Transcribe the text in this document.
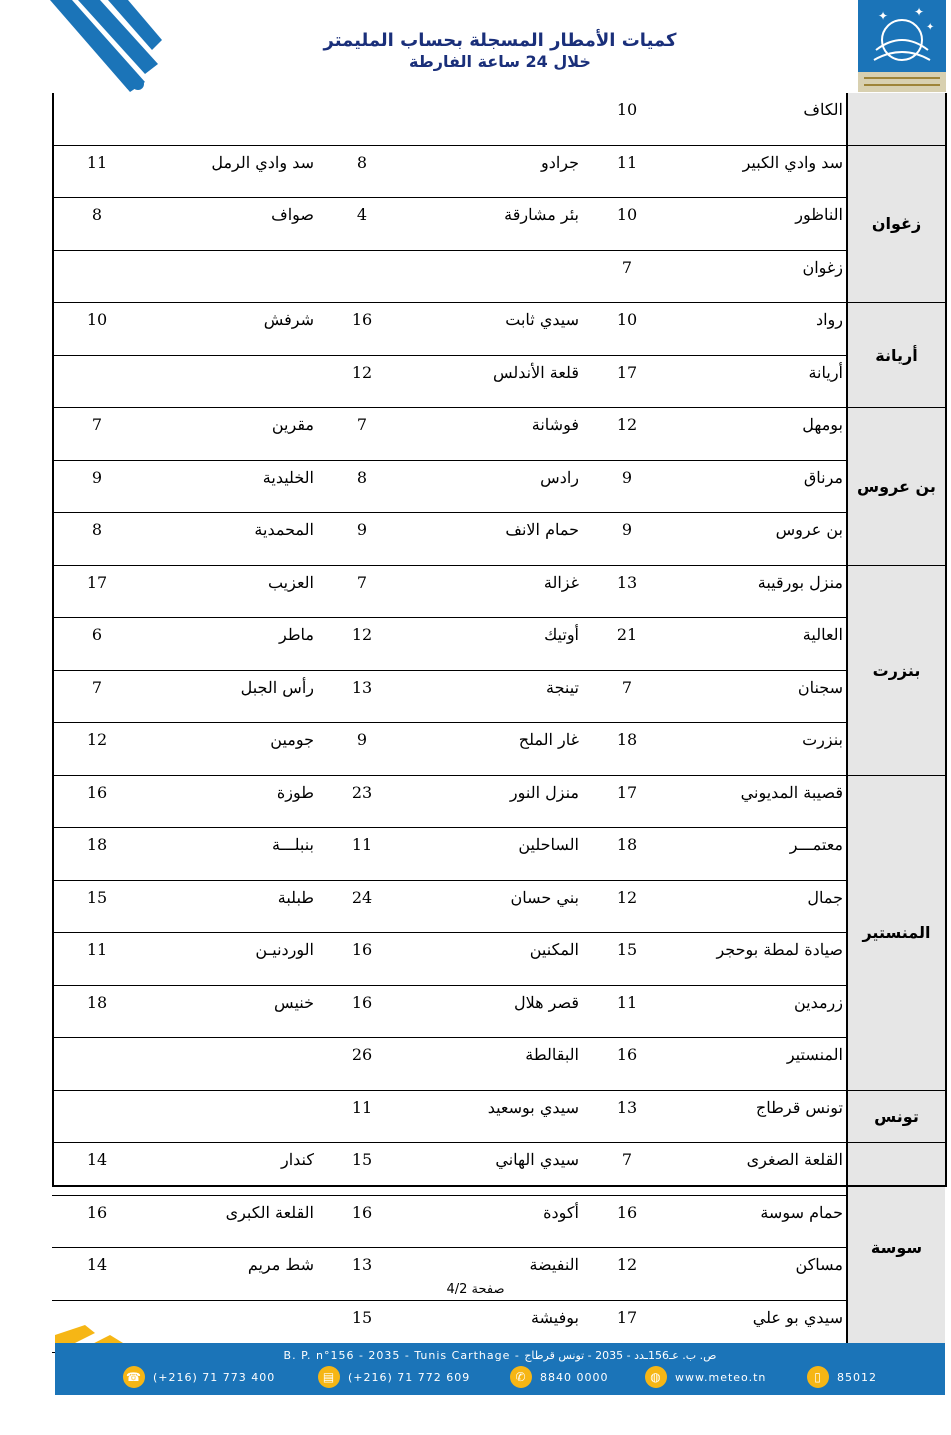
✦ ✦
✦
كميات الأمطار المسجلة بحساب المليمتر
خلال 24 ساعة الفارطة
				10	الكاف	
11	سد وادي الرمل	8	جرادو	11	سد وادي الكبير	زغوان
8	صواف	4	بئر مشارقة	10	الناظور	
				7	زغوان	
10	شرفش	16	سيدي ثابت	10	رواد	أريانة
		12	قلعة الأندلس	17	أريانة	
7	مقرين	7	فوشانة	12	بومهل	بن عروس
9	الخليدية	8	رادس	9	مرناق	
8	المحمدية	9	حمام الانف	9	بن عروس	
17	العزيب	7	غزالة	13	منزل بورقيبة	بنزرت
6	ماطر	12	أوتيك	21	العالية	
7	رأس الجبل	13	تينجة	7	سجنان	
12	جومين	9	غار الملح	18	بنزرت	
16	طوزة	23	منزل النور	17	قصيبة المديوني	المنستير
18	بنبلـــة	11	الساحلين	18	معتمـــر	
15	طبلبة	24	بني حسان	12	جمال	
11	الوردنيـن	16	المكنين	15	صيادة لمطة بوحجر	
18	خنيس	16	قصر هلال	11	زرمدين	
		26	البقالطة	16	المنستير	
		11	سيدي بوسعيد	13	تونس قرطاج	تونس
14	كندار	15	سيدي الهاني	7	القلعة الصغرى	سوسة
16	القلعة الكبرى	16	أكودة	16	حمام سوسة	
14	شط مريم	13	النفيضة	12	مساكن	
		15	بوفيشة	17	سيدي بو علي	
صفحة 4/2
B. P. n°156 - 2035 - Tunis Carthage - ص. ب. عـ156ـدد - 2035 - تونس قرطاج
☎ (+216) 71 773 400	▤	(+216) 71 772 609	✆	8840 0000	◍	www.meteo.tn	▯	85012
